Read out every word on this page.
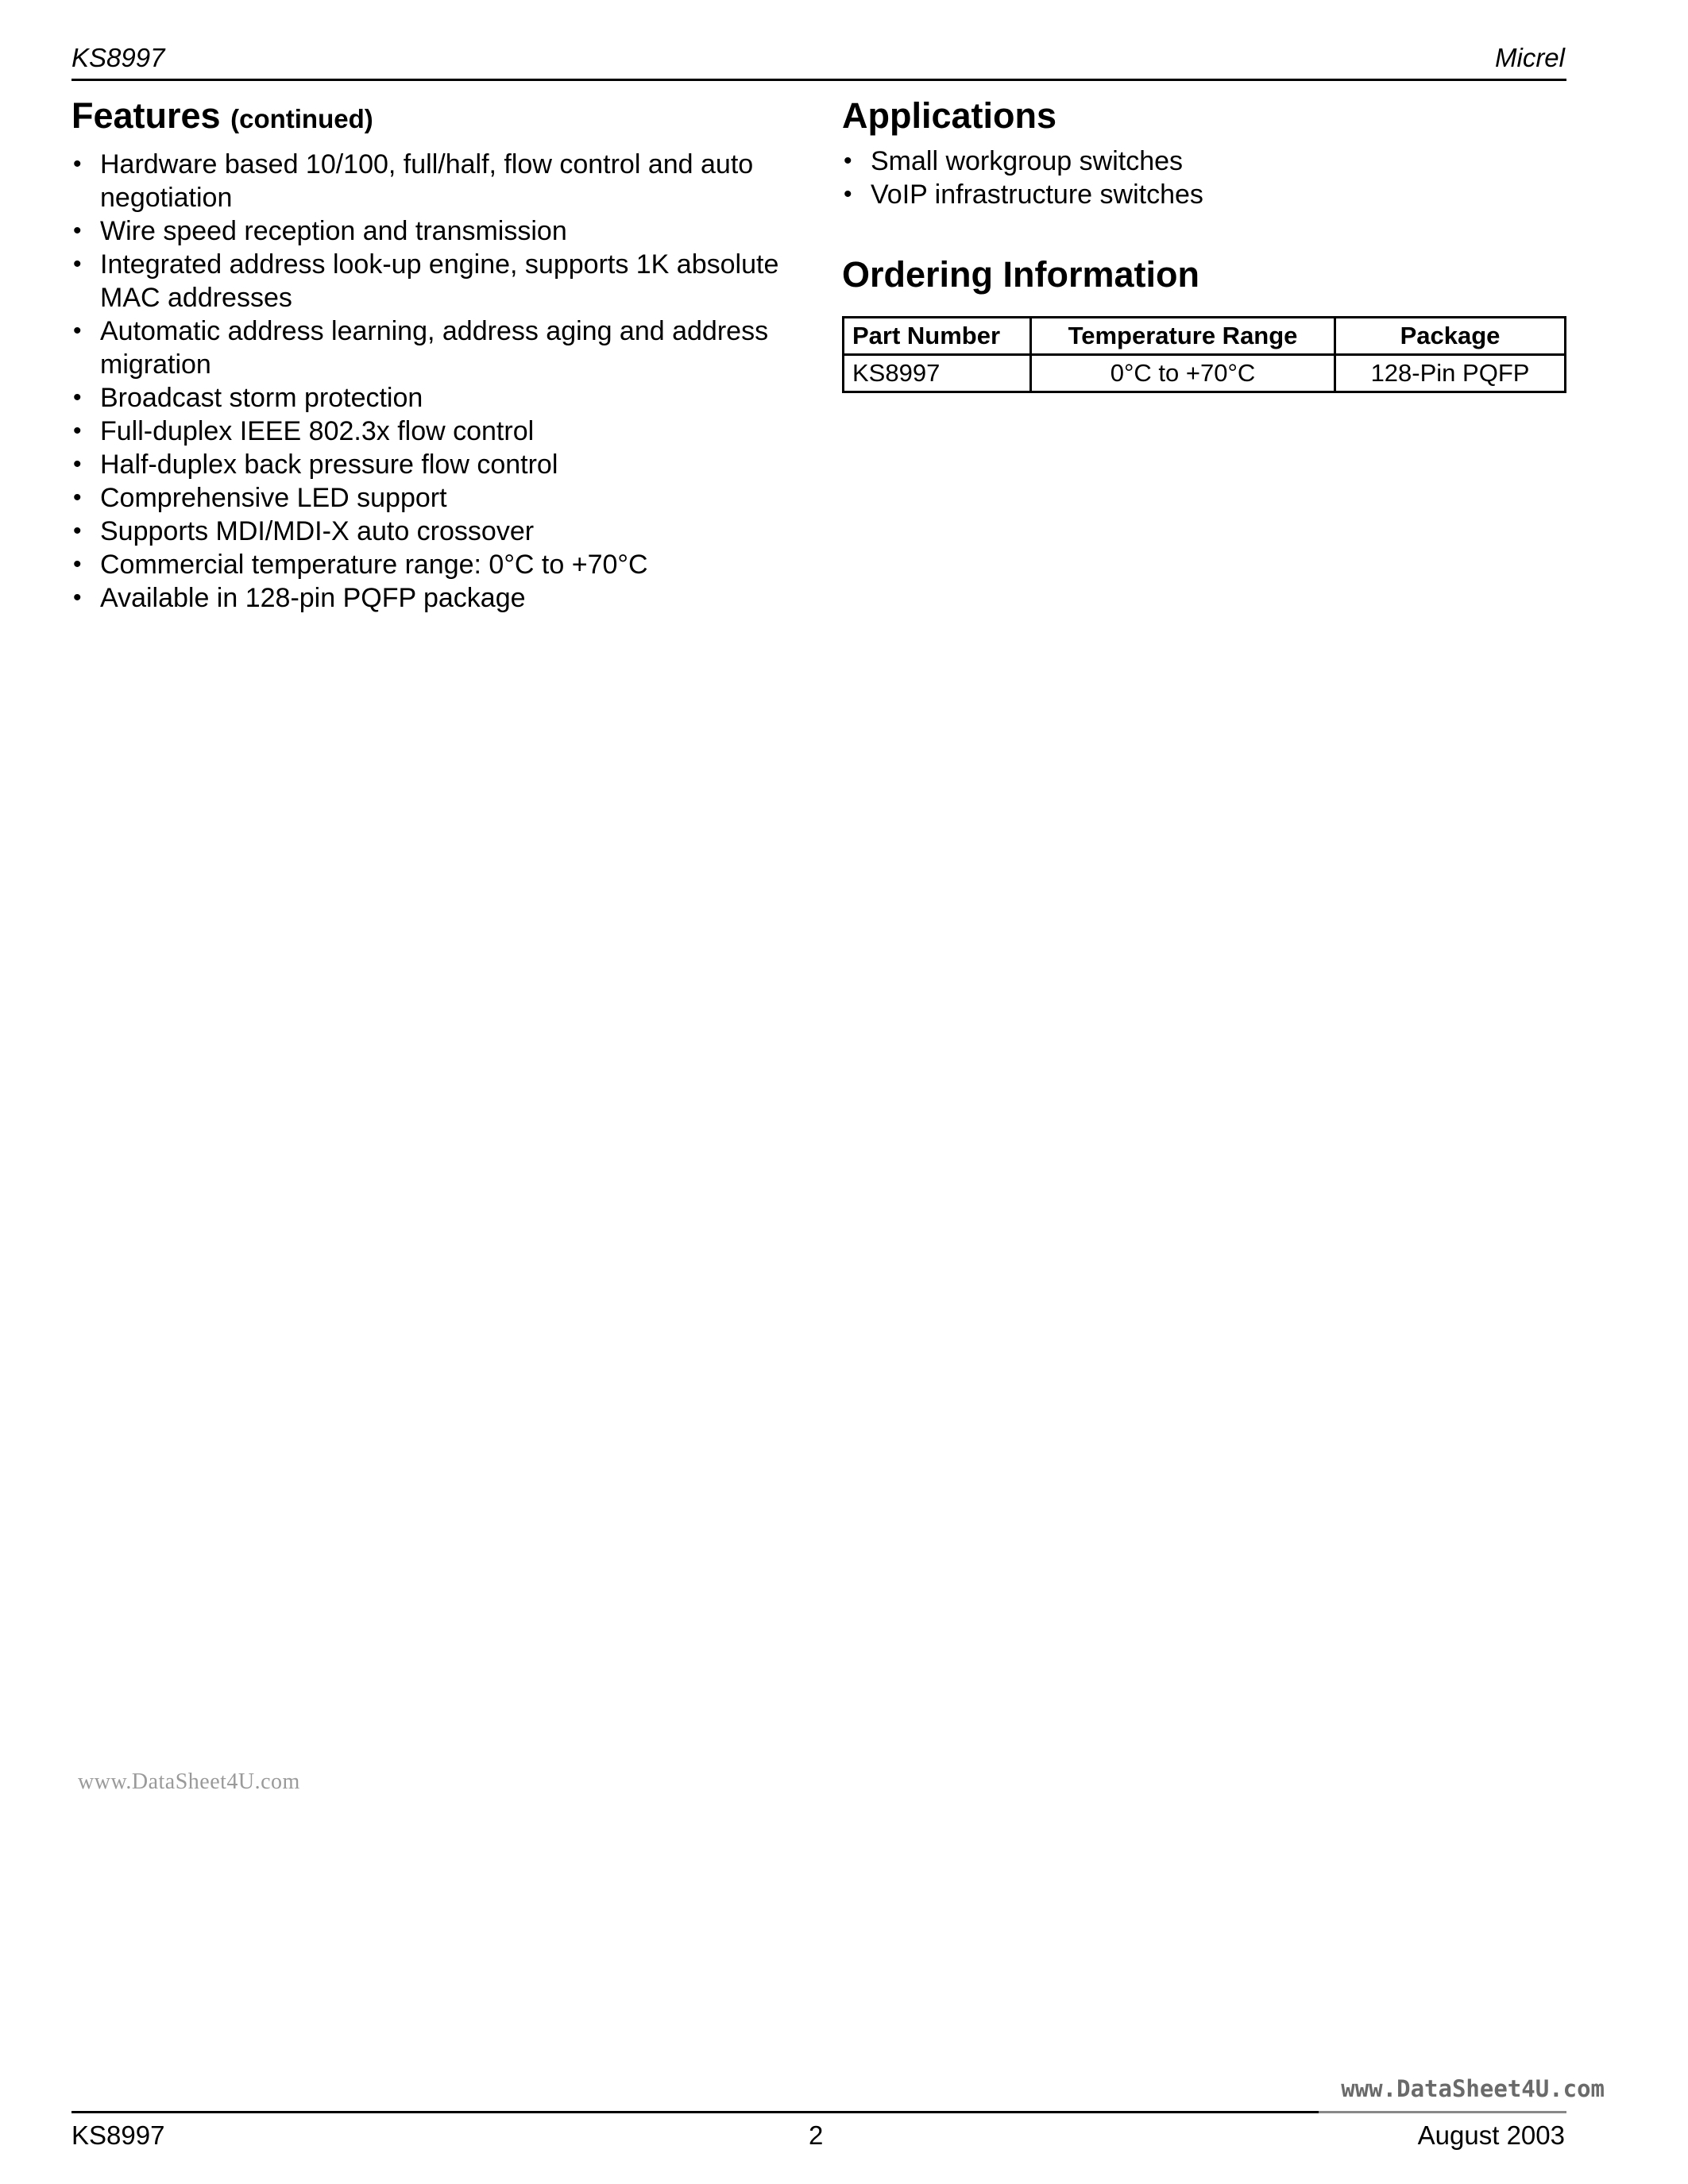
KS8997	Micrel
Features (continued)
• Hardware based 10/100, full/half, flow control and auto negotiation
• Wire speed reception and transmission
• Integrated address look-up engine, supports 1K absolute MAC addresses
• Automatic address learning, address aging and address migration
• Broadcast storm protection
• Full-duplex IEEE 802.3x flow control
• Half-duplex back pressure flow control
• Comprehensive LED support
• Supports MDI/MDI-X auto crossover
• Commercial temperature range: 0°C to +70°C
• Available in 128-pin PQFP package
Applications
• Small workgroup switches
• VoIP infrastructure switches
Ordering Information
Part Number	Temperature Range	Package
KS8997	0°C to +70°C	128-Pin PQFP
www.DataSheet4U.com
www.DataSheet4U.com
KS8997	2	August 2003
